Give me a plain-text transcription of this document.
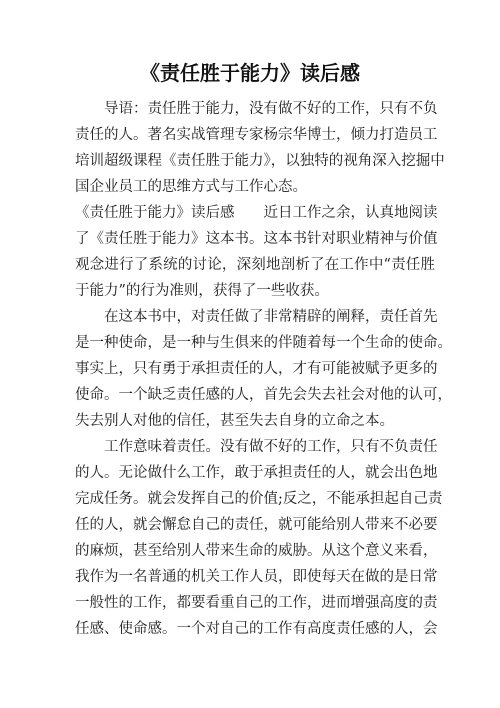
《责任胜于能力》读后感
导语：责任胜于能力，没有做不好的工作，只有不负
责任的人。著名实战管理专家杨宗华博士，倾力打造员工
培训超级课程《责任胜于能力》，以独特的视角深入挖掘中
国企业员工的思维方式与工作心态。
《责任胜于能力》读后感　　近日工作之余，认真地阅读
了《责任胜于能力》这本书。这本书针对职业精神与价值
观念进行了系统的讨论，深刻地剖析了在工作中“责任胜
于能力”的行为准则，获得了一些收获。
在这本书中，对责任做了非常精辟的阐释，责任首先
是一种使命，是一种与生俱来的伴随着每一个生命的使命。
事实上，只有勇于承担责任的人，才有可能被赋予更多的
使命。一个缺乏责任感的人，首先会失去社会对他的认可，
失去别人对他的信任，甚至失去自身的立命之本。
工作意味着责任。没有做不好的工作，只有不负责任
的人。无论做什么工作，敢于承担责任的人，就会出色地
完成任务。就会发挥自己的价值;反之，不能承担起自己责
任的人，就会懈怠自己的责任，就可能给别人带来不必要
的麻烦，甚至给别人带来生命的威胁。从这个意义来看，
我作为一名普通的机关工作人员，即使每天在做的是日常
一般性的工作，都要看重自己的工作，进而增强高度的责
任感、使命感。一个对自己的工作有高度责任感的人，会
